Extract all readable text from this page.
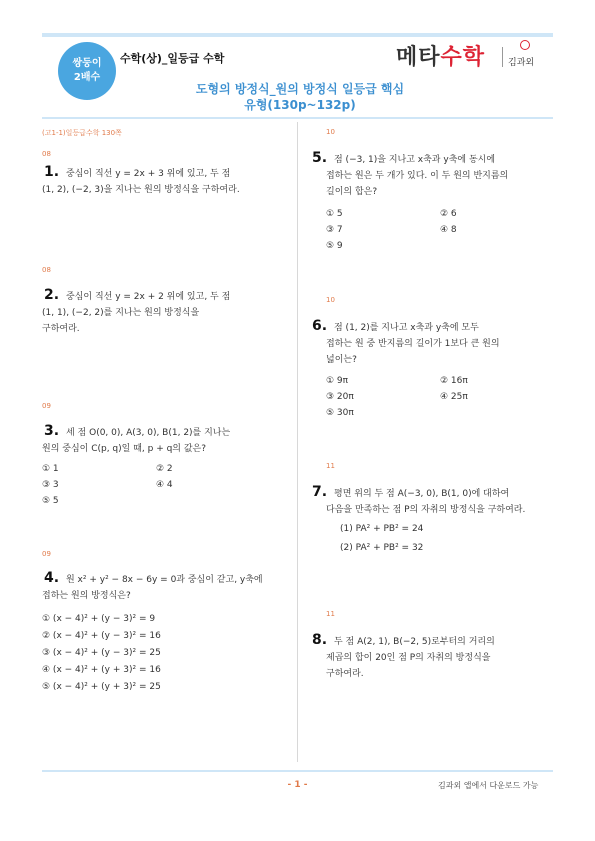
쌍둥이
2배수
수학(상)_일등급 수학	메타수학	김과외
도형의 방정식_원의 방정식 일등급 핵심
유형(130p~132p)
(고1-1)일등급수학 130쪽
08
1. 중심이 직선 y = 2x + 3 위에 있고, 두 점
(1, 2), (−2, 3)을 지나는 원의 방정식을 구하여라.
08
2. 중심이 직선 y = 2x + 2 위에 있고, 두 점
(1, 1), (−2, 2)를 지나는 원의 방정식을
구하여라.
09
3. 세 점 O(0, 0), A(3, 0), B(1, 2)를 지나는
원의 중심이 C(p, q)일 때, p + q의 값은?
① 1	② 2
③ 3	④ 4
⑤ 5
09
4. 원 x² + y² − 8x − 6y = 0과 중심이 같고, y축에
접하는 원의 방정식은?
① (x − 4)² + (y − 3)² = 9
② (x − 4)² + (y − 3)² = 16
③ (x − 4)² + (y − 3)² = 25
④ (x − 4)² + (y + 3)² = 16
⑤ (x − 4)² + (y + 3)² = 25
10
5. 점 (−3, 1)을 지나고 x축과 y축에 동시에
접하는 원은 두 개가 있다. 이 두 원의 반지름의
길이의 합은?
① 5	② 6
③ 7	④ 8
⑤ 9
10
6. 점 (1, 2)를 지나고 x축과 y축에 모두
접하는 원 중 반지름의 길이가 1보다 큰 원의
넓이는?
① 9π	② 16π
③ 20π	④ 25π
⑤ 30π
11
7. 평면 위의 두 점 A(−3, 0), B(1, 0)에 대하여
다음을 만족하는 점 P의 자취의 방정식을 구하여라.
(1) PA² + PB² = 24
(2) PA² + PB² = 32
11
8. 두 점 A(2, 1), B(−2, 5)로부터의 거리의
제곱의 합이 20인 점 P의 자취의 방정식을
구하여라.
- 1 -	김과외 앱에서 다운로드 가능
